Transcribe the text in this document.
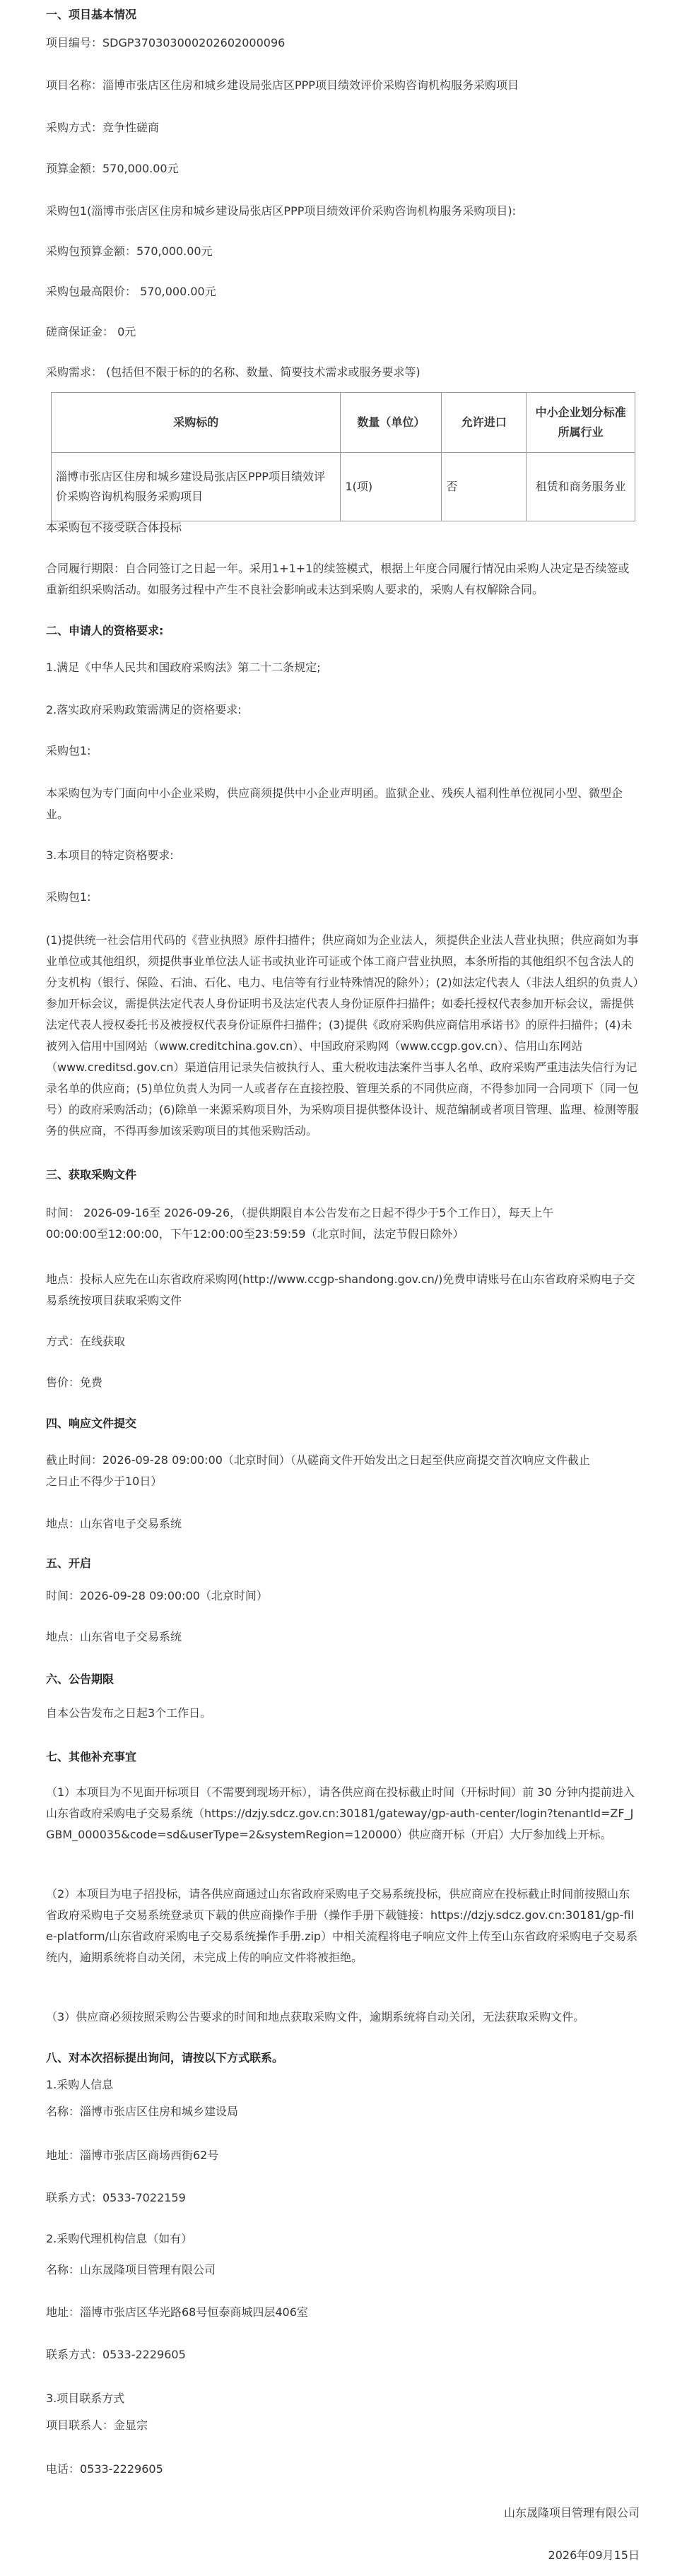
一、项目基本情况

项目编号：SDGP370303000202602000096

项目名称：淄博市张店区住房和城乡建设局张店区PPP项目绩效评价采购咨询机构服务采购项目

采购方式：竞争性磋商

预算金额：570,000.00元

采购包1(淄博市张店区住房和城乡建设局张店区PPP项目绩效评价采购咨询机构服务采购项目):

采购包预算金额：570,000.00元

采购包最高限价： 570,000.00元

磋商保证金： 0元

采购需求： (包括但不限于标的的名称、数量、简要技术需求或服务要求等)

采购标的	数量（单位）	允许进口	中小企业划分标准所属行业
淄博市张店区住房和城乡建设局张店区PPP项目绩效评价采购咨询机构服务采购项目	1(项)	否	租赁和商务服务业

本采购包不接受联合体投标

合同履行期限：自合同签订之日起一年。采用1+1+1的续签模式，根据上年度合同履行情况由采购人决定是否续签或重新组织采购活动。如服务过程中产生不良社会影响或未达到采购人要求的，采购人有权解除合同。

二、申请人的资格要求:

1.满足《中华人民共和国政府采购法》第二十二条规定;

2.落实政府采购政策需满足的资格要求:

采购包1:

本采购包为专门面向中小企业采购，供应商须提供中小企业声明函。监狱企业、残疾人福利性单位视同小型、微型企业。

3.本项目的特定资格要求:

采购包1:

(1)提供统一社会信用代码的《营业执照》原件扫描件；供应商如为企业法人，须提供企业法人营业执照；供应商如为事业单位或其他组织，须提供事业单位法人证书或执业许可证或个体工商户营业执照，本条所指的其他组织不包含法人的分支机构（银行、保险、石油、石化、电力、电信等有行业特殊情况的除外）；(2)如法定代表人（非法人组织的负责人）参加开标会议，需提供法定代表人身份证明书及法定代表人身份证原件扫描件；如委托授权代表参加开标会议，需提供法定代表人授权委托书及被授权代表身份证原件扫描件；(3)提供《政府采购供应商信用承诺书》的原件扫描件；(4)未被列入信用中国网站（www.creditchina.gov.cn）、中国政府采购网（www.ccgp.gov.cn）、信用山东网站（www.creditsd.gov.cn）渠道信用记录失信被执行人、重大税收违法案件当事人名单、政府采购严重违法失信行为记录名单的供应商；(5)单位负责人为同一人或者存在直接控股、管理关系的不同供应商，不得参加同一合同项下（同一包号）的政府采购活动；(6)除单一来源采购项目外，为采购项目提供整体设计、规范编制或者项目管理、监理、检测等服务的供应商，不得再参加该采购项目的其他采购活动。

三、获取采购文件

时间： 2026-09-16至 2026-09-26，（提供期限自本公告发布之日起不得少于5个工作日），每天上午

00:00:00至12:00:00，下午12:00:00至23:59:59（北京时间，法定节假日除外）

地点：投标人应先在山东省政府采购网(http://www.ccgp-shandong.gov.cn/)免费申请账号在山东省政府采购电子交易系统按项目获取采购文件

方式：在线获取

售价：免费

四、响应文件提交

截止时间：2026-09-28 09:00:00（北京时间）（从磋商文件开始发出之日起至供应商提交首次响应文件截止

之日止不得少于10日）

地点：山东省电子交易系统

五、开启

时间：2026-09-28 09:00:00（北京时间）

地点：山东省电子交易系统

六、公告期限

自本公告发布之日起3个工作日。

七、其他补充事宜

（1）本项目为不见面开标项目（不需要到现场开标），请各供应商在投标截止时间（开标时间）前 30 分钟内提前进入山东省政府采购电子交易系统（https://dzjy.sdcz.gov.cn:30181/gateway/gp-auth-center/login?tenantId=ZF_JGBM_000035&code=sd&userType=2&systemRegion=120000）供应商开标（开启）大厅参加线上开标。

（2）本项目为电子招投标，请各供应商通过山东省政府采购电子交易系统投标，供应商应在投标截止时间前按照山东省政府采购电子交易系统登录页下载的供应商操作手册（操作手册下载链接：https://dzjy.sdcz.gov.cn:30181/gp-file-platform/山东省政府采购电子交易系统操作手册.zip）中相关流程将电子响应文件上传至山东省政府采购电子交易系统内，逾期系统将自动关闭，未完成上传的响应文件将被拒绝。

（3）供应商必须按照采购公告要求的时间和地点获取采购文件，逾期系统将自动关闭，无法获取采购文件。

八、对本次招标提出询问，请按以下方式联系。

1.采购人信息

名称：淄博市张店区住房和城乡建设局

地址：淄博市张店区商场西街62号

联系方式：0533-7022159

2.采购代理机构信息（如有）

名称：山东晟隆项目管理有限公司

地址：淄博市张店区华光路68号恒泰商城四层406室

联系方式：0533-2229605

3.项目联系方式

项目联系人：金显宗

电话：0533-2229605

山东晟隆项目管理有限公司

2026年09月15日
